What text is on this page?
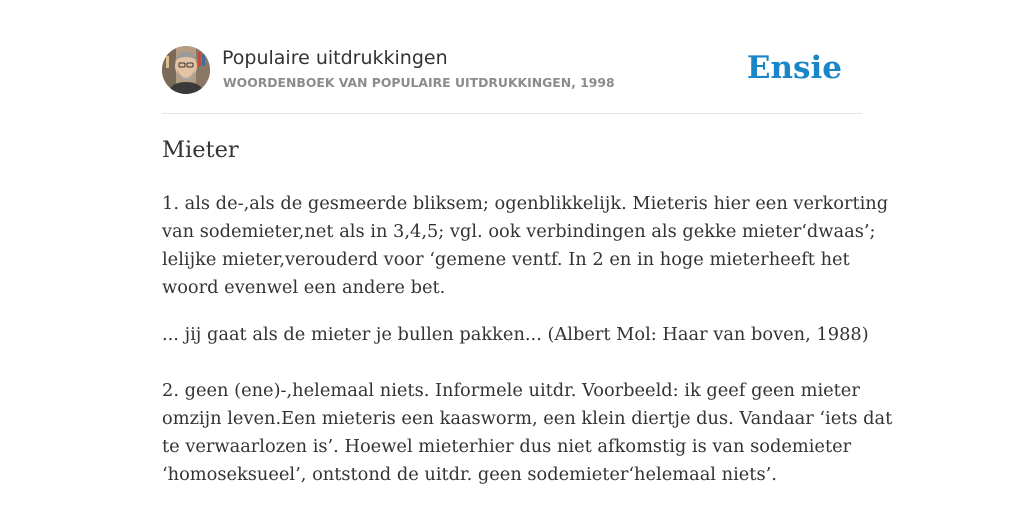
Populaire uitdrukkingen
WOORDENBOEK VAN POPULAIRE UITDRUKKINGEN, 1998	Ensie
Mieter

1. als de-,als de gesmeerde bliksem; ogenblikkelijk. Mieteris hier een verkorting
van sodemieter,net als in 3,4,5; vgl. ook verbindingen als gekke mieter‘dwaas’;
lelijke mieter,verouderd voor ‘gemene ventf. In 2 en in hoge mieterheeft het
woord evenwel een andere bet.

... jij gaat als de mieter je bullen pakken... (Albert Mol: Haar van boven, 1988)

2. geen (ene)-,helemaal niets. Informele uitdr. Voorbeeld: ik geef geen mieter
omzijn leven.Een mieteris een kaasworm, een klein diertje dus. Vandaar ‘iets dat
te verwaarlozen is’. Hoewel mieterhier dus niet afkomstig is van sodemieter
‘homoseksueel’, ontstond de uitdr. geen sodemieter‘helemaal niets’.
